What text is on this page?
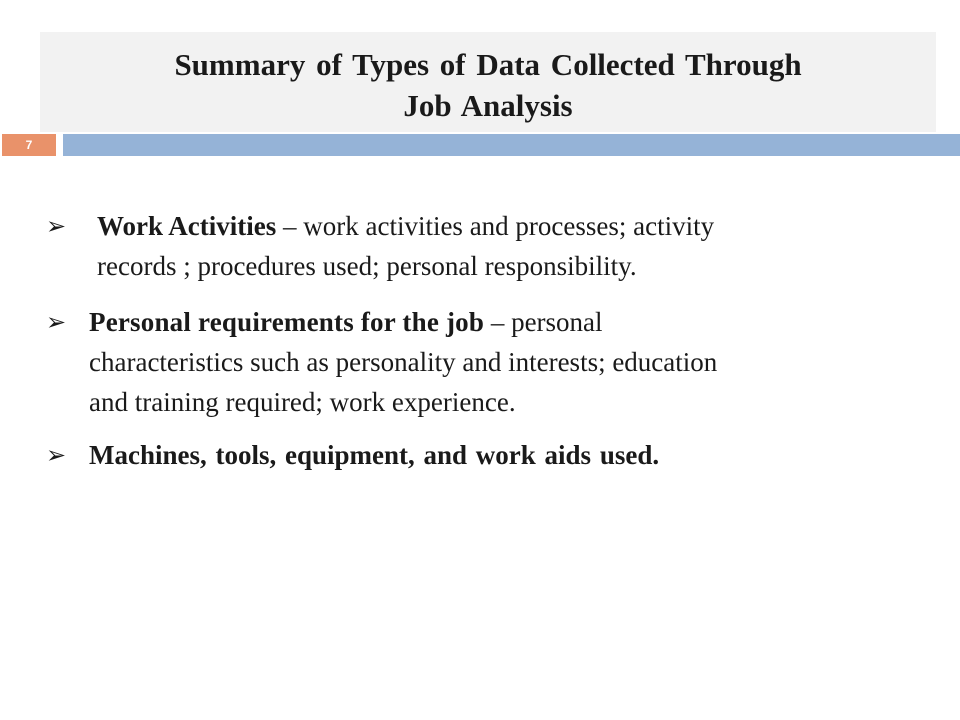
Summary of Types of Data Collected Through
Job Analysis
7
➢ Work Activities – work activities and processes; activity
records ; procedures used; personal responsibility.
➢ Personal requirements for the job – personal
characteristics such as personality and interests; education
and training required; work experience.
➢ Machines, tools, equipment, and work aids used.
